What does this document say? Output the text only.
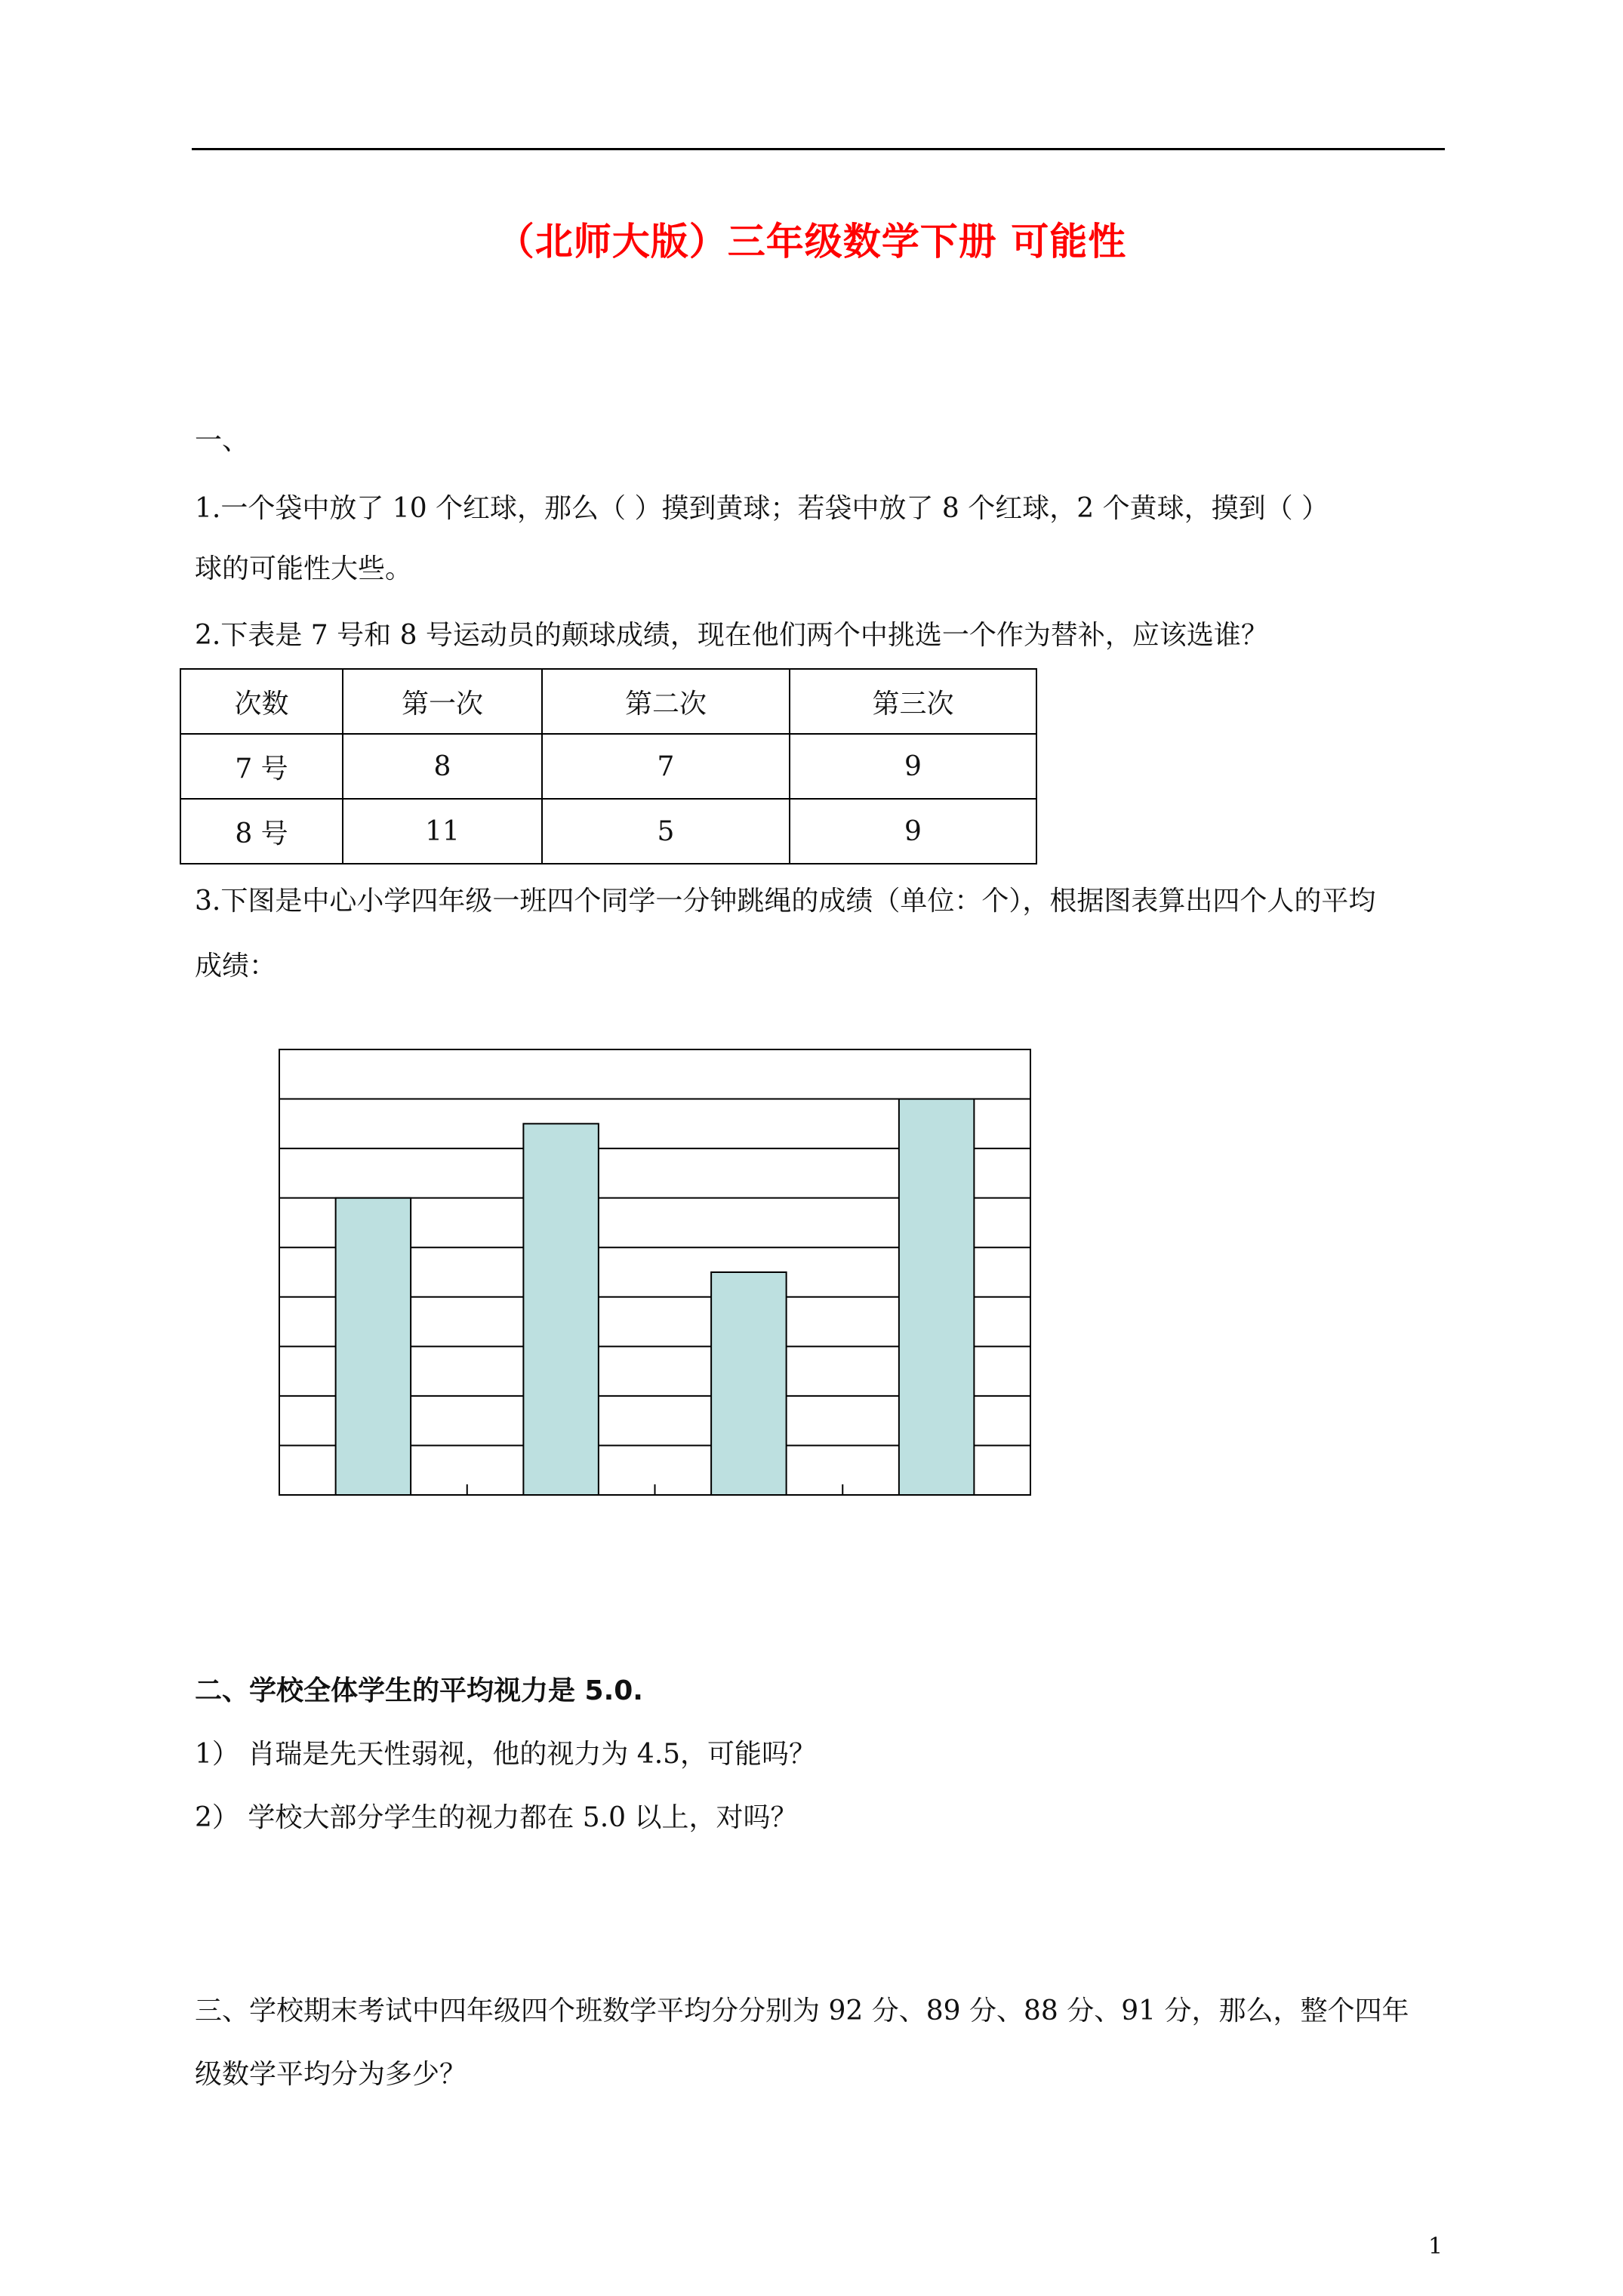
（北师大版）三年级数学下册 可能性
一、
1.一个袋中放了 10 个红球，那么（ ）摸到黄球；若袋中放了 8 个红球，2 个黄球，摸到（ ）
球的可能性大些。
2.下表是 7 号和 8 号运动员的颠球成绩，现在他们两个中挑选一个作为替补，应该选谁？
次数	第一次	第二次	第三次
7 号	8	7	9
8 号	11	5	9
3.下图是中心小学四年级一班四个同学一分钟跳绳的成绩（单位：个），根据图表算出四个人的平均
成绩：
二、学校全体学生的平均视力是 5.0.
1） 肖瑞是先天性弱视，他的视力为 4.5，可能吗？
2） 学校大部分学生的视力都在 5.0 以上，对吗？
三、学校期末考试中四年级四个班数学平均分分别为 92 分、89 分、88 分、91 分，那么，整个四年
级数学平均分为多少？
1
